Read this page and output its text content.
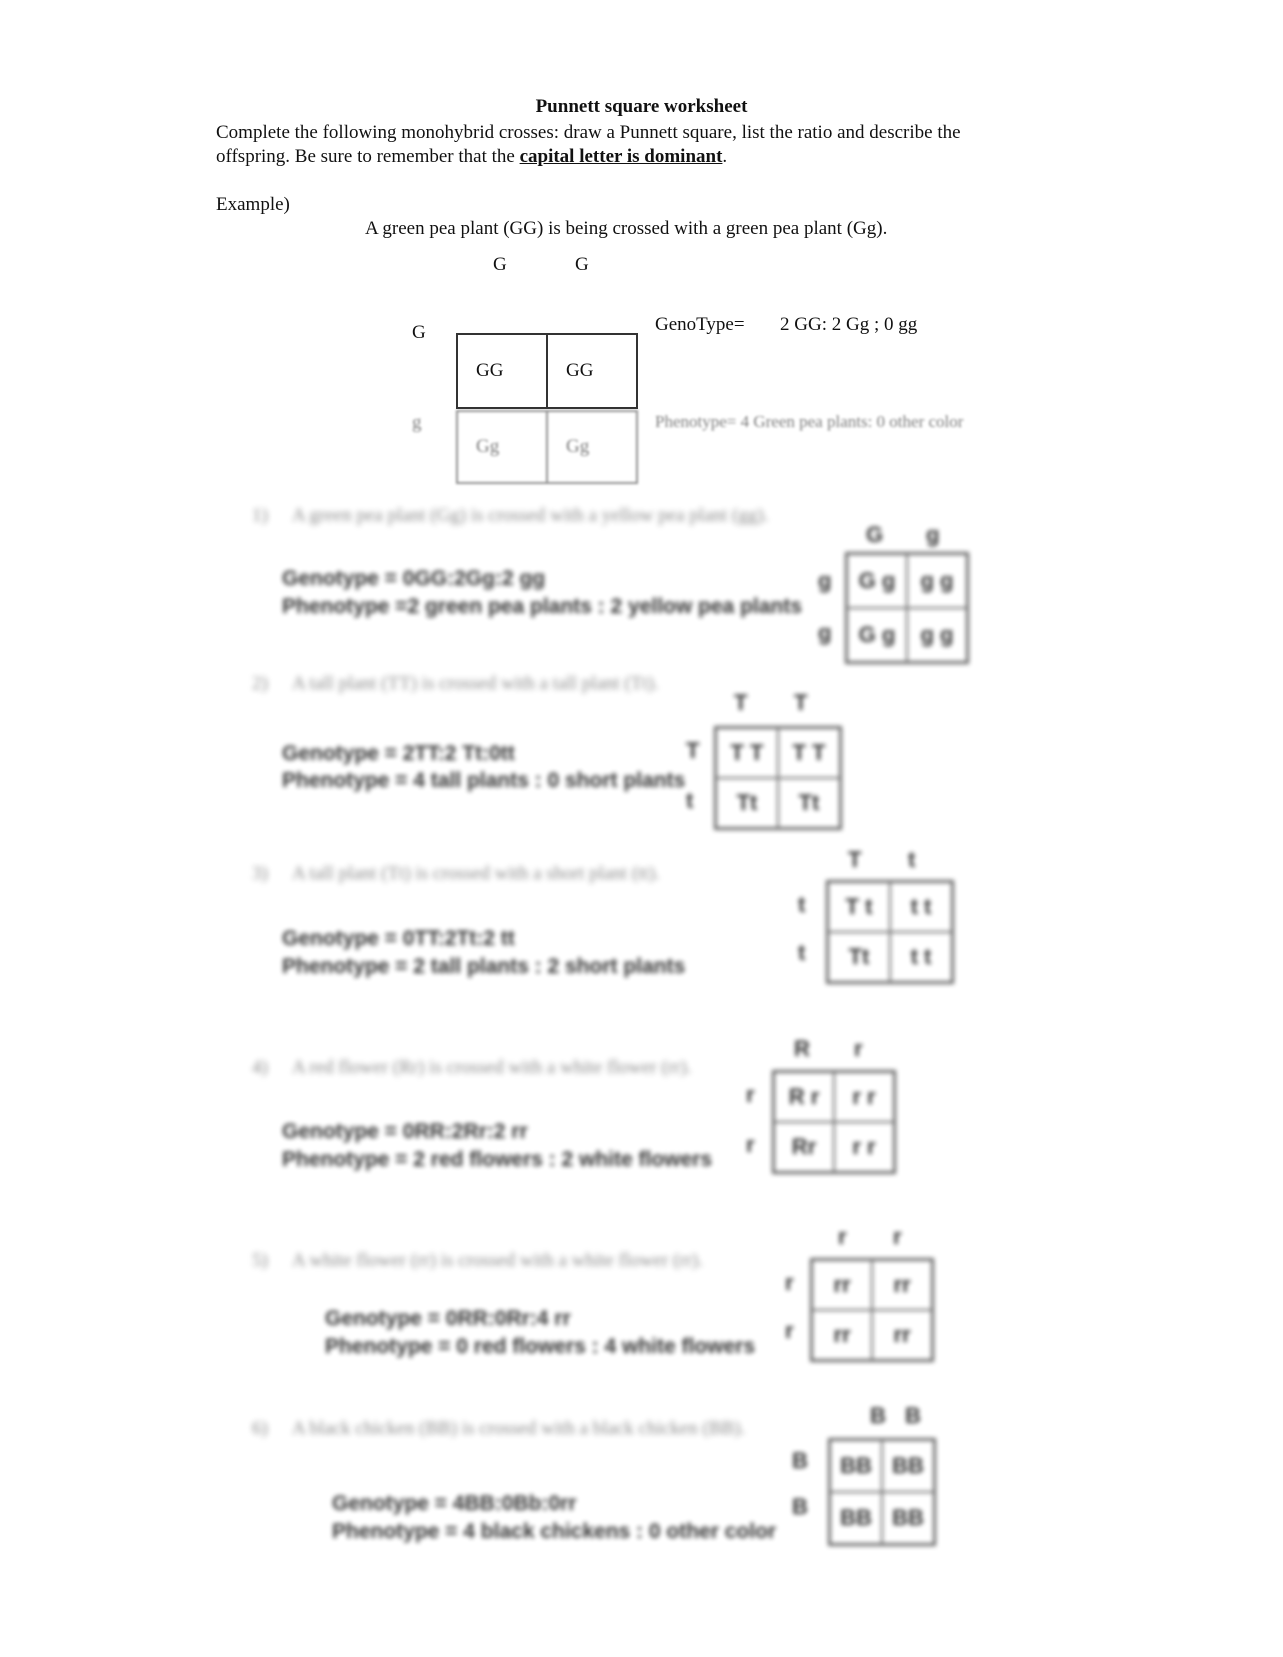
Punnett square worksheet
Complete the following monohybrid crosses: draw a Punnett square, list the ratio and describe the
offspring. Be sure to remember that the capital letter is dominant.
Example)
A green pea plant (GG) is being crossed with a green pea plant (Gg).
G	G
G
GG	GG
g
Gg	Gg
GenoType= 2 GG: 2 Gg ; 0 gg
Phenotype= 4 Green pea plants: 0 other color
1) A green pea plant (Gg) is crossed with a yellow pea plant (gg).
Genotype = 0GG:2Gg:2 gg
Phenotype =2 green pea plants : 2 yellow pea plants
G g
g
g
G g	g g
G g	g g
2) A tall plant (TT) is crossed with a tall plant (Tt).
Genotype = 2TT:2 Tt:0tt
Phenotype = 4 tall plants : 0 short plants
T T
T
t
T T	T T
Tt	Tt
3) A tall plant (Tt) is crossed with a short plant (tt).
Genotype = 0TT:2Tt:2 tt
Phenotype = 2 tall plants : 2 short plants
T t
t
t
T t	t t
Tt	t t
4) A red flower (Rr) is crossed with a white flower (rr).
Genotype = 0RR:2Rr:2 rr
Phenotype = 2 red flowers : 2 white flowers
R r
r
r
R r	r r
Rr	r r
5) A white flower (rr) is crossed with a white flower (rr).
Genotype = 0RR:0Rr:4 rr
Phenotype = 0 red flowers : 4 white flowers
r r
r
r
rr	rr
rr	rr
6) A black chicken (BB) is crossed with a black chicken (BB).
Genotype = 4BB:0Bb:0rr
Phenotype = 4 black chickens : 0 other color
B B
B
B
BB BB
BB BB
